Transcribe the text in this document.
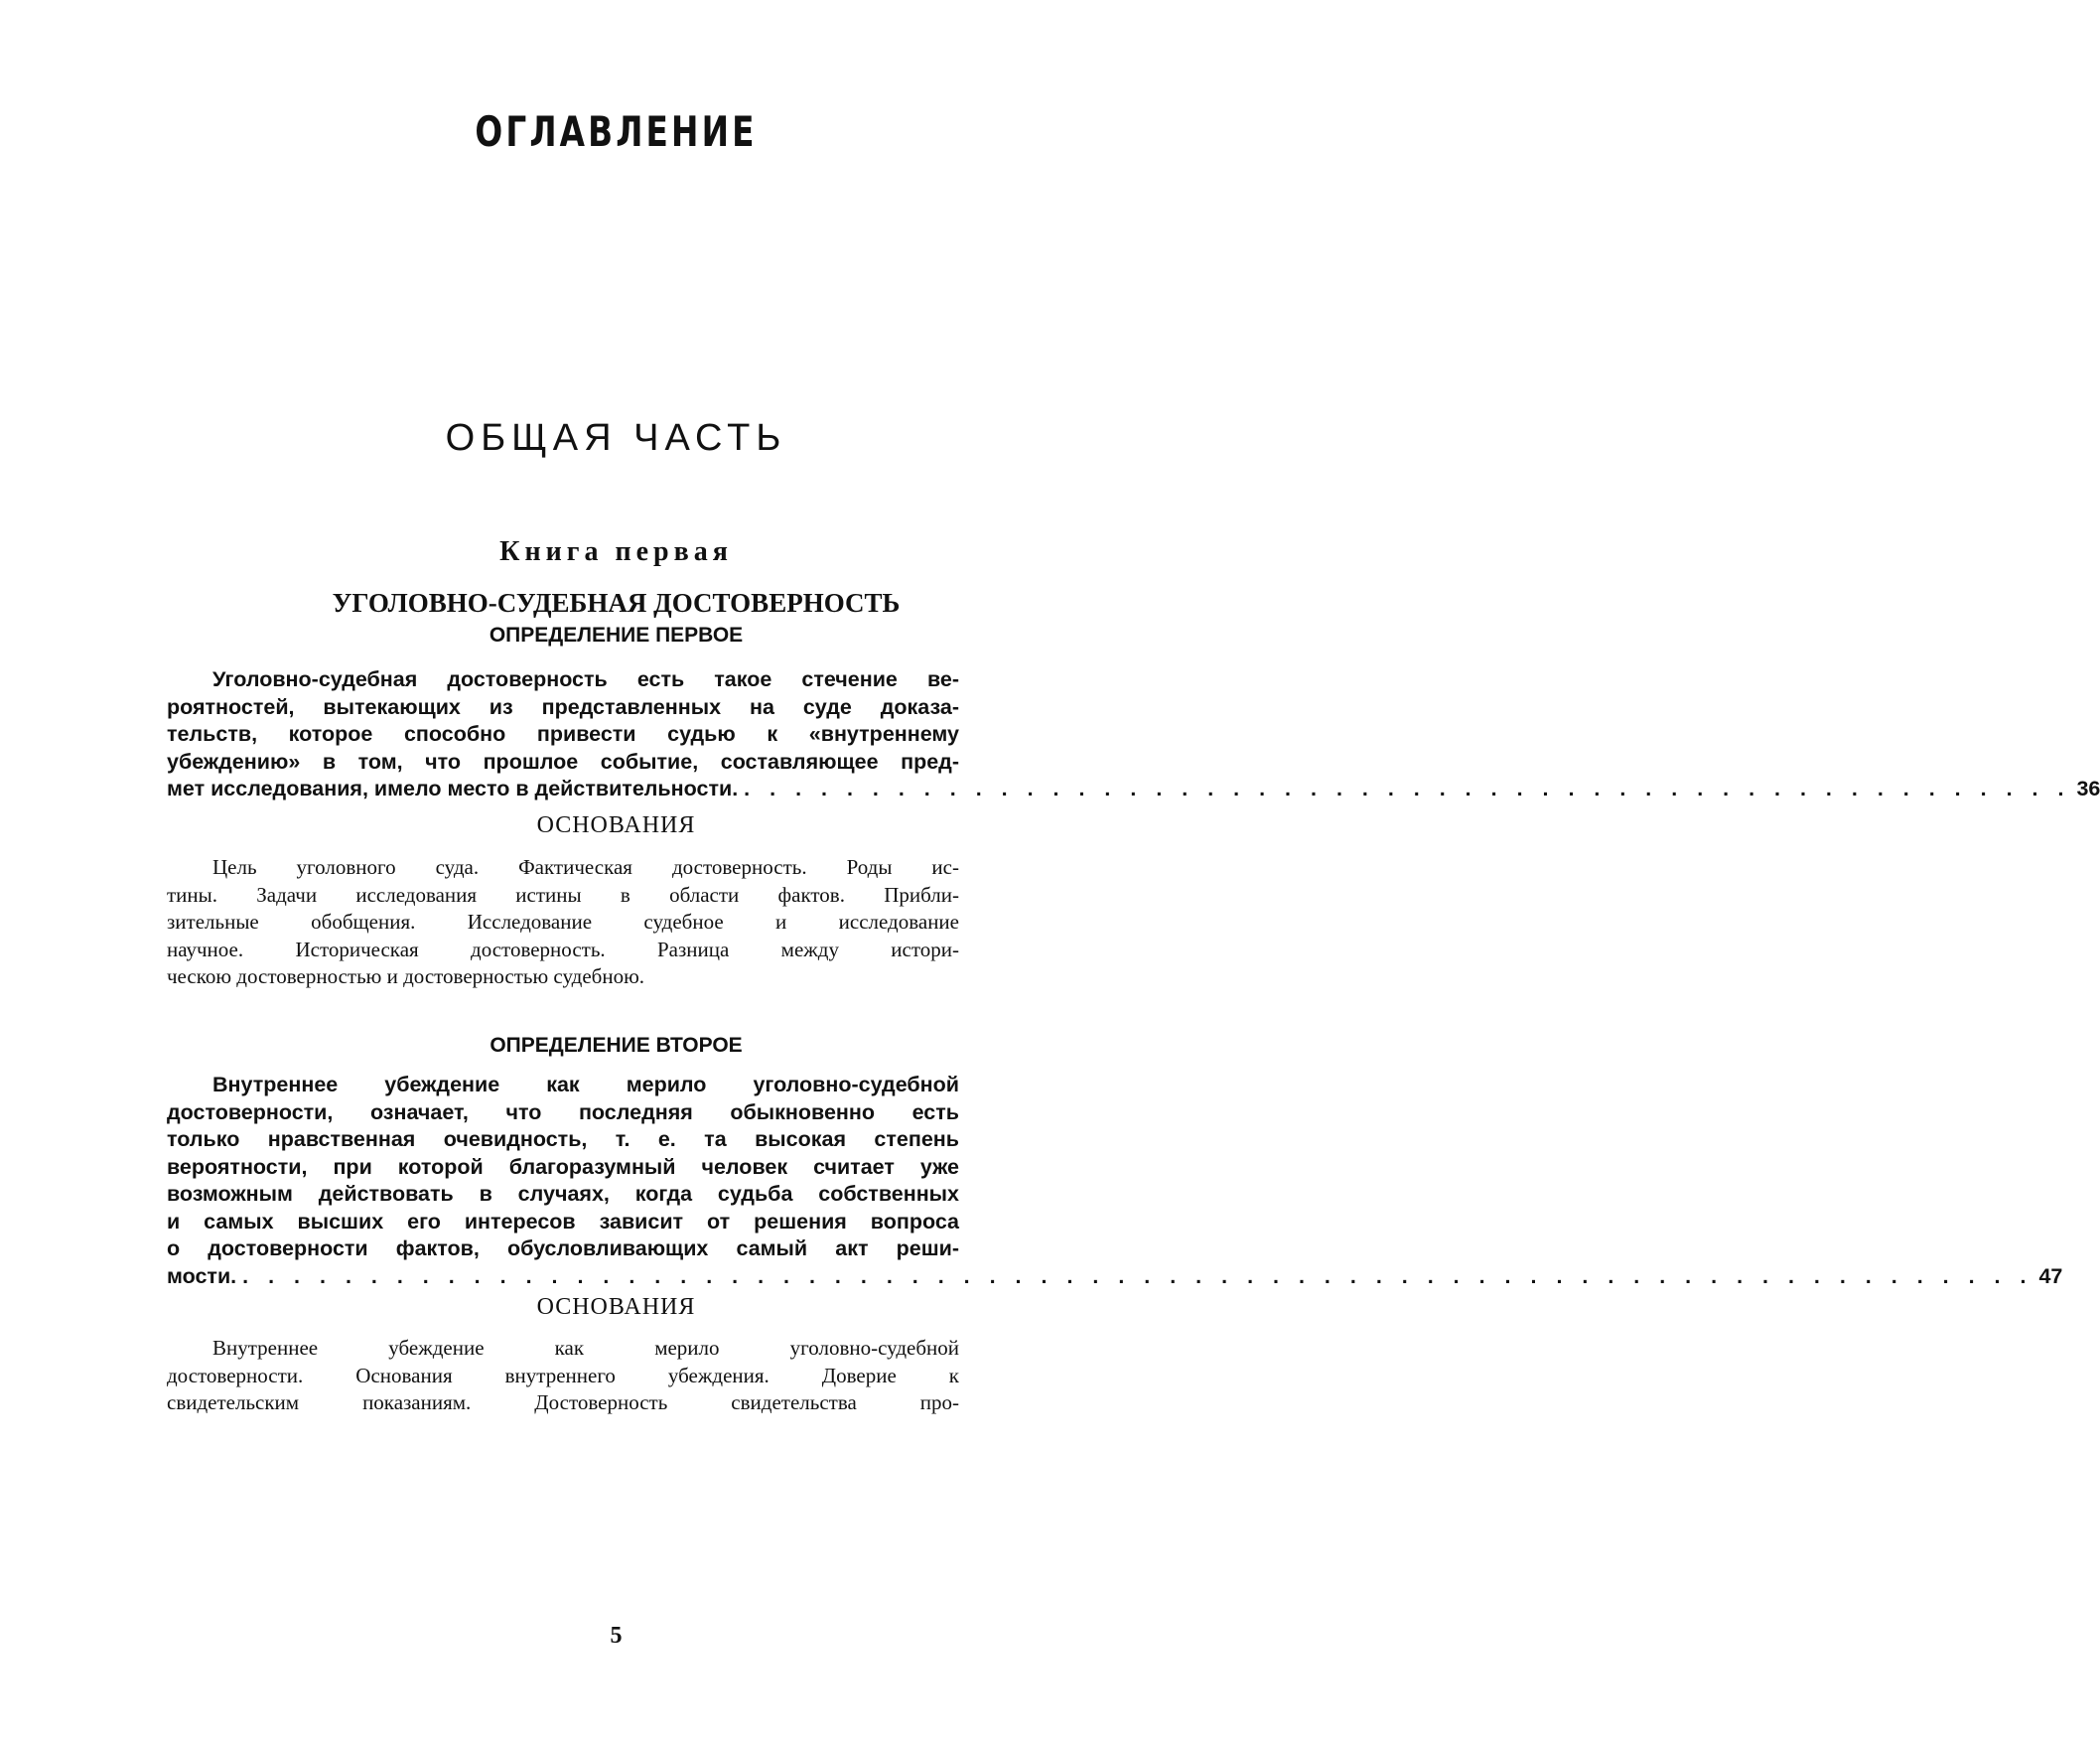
ОГЛАВЛЕНИЕ
ОБЩАЯ ЧАСТЬ
Книга первая
УГОЛОВНО-СУДЕБНАЯ ДОСТОВЕРНОСТЬ
ОПРЕДЕЛЕНИЕ ПЕРВОЕ
Уголовно-судебная достоверность есть такое стечение ве-
роятностей, вытекающих из представленных на суде доказа-
тельств, которое способно привести судью к «внутреннему
убеждению» в том, что прошлое событие, составляющее пред-
мет исследования, имело место в действительности. . . . . . . . . . . . . . . . . . . . . . . . . . . . . . . . . . . . . . . . . . . . . . . . . . . . . 36
ОСНОВАНИЯ
Цель уголовного суда. Фактическая достоверность. Роды ис-
тины. Задачи исследования истины в области фактов. Прибли-
зительные обобщения. Исследование судебное и исследование
научное. Историческая достоверность. Разница между истори-
ческою достоверностью и достоверностью судебною.
ОПРЕДЕЛЕНИЕ ВТОРОЕ
Внутреннее убеждение как мерило уголовно-судебной
достоверности, означает, что последняя обыкновенно есть
только нравственная очевидность, т. е. та высокая степень
вероятности, при которой благоразумный человек считает уже
возможным действовать в случаях, когда судьба собственных
и самых высших его интересов зависит от решения вопроса
о достоверности фактов, обусловливающих самый акт реши-
мости. . . . . . . . . . . . . . . . . . . . . . . . . . . . . . . . . . . . . . . . . . . . . . . . . . . . . . . . . . . . . . . . . . . . . . . 47
ОСНОВАНИЯ
Внутреннее убеждение как мерило уголовно-судебной
достоверности. Основания внутреннего убеждения. Доверие к
свидетельским показаниям. Достоверность свидетельства про-
5
